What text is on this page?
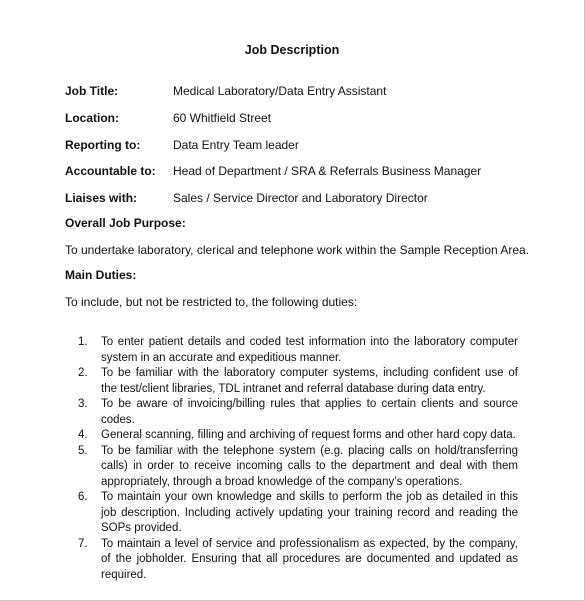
Job Description
Job Title:	Medical Laboratory/Data Entry Assistant
Location:	60 Whitfield Street
Reporting to:	Data Entry Team leader
Accountable to: Head of Department / SRA & Referrals Business Manager
Liaises with:	Sales / Service Director and Laboratory Director
Overall Job Purpose:
To undertake laboratory, clerical and telephone work within the Sample Reception Area.
Main Duties:
To include, but not be restricted to, the following duties:
1. To enter patient details and coded test information into the laboratory computer system in an accurate and expeditious manner.
2. To be familiar with the laboratory computer systems, including confident use of the test/client libraries, TDL intranet and referral database during data entry.
3. To be aware of invoicing/billing rules that applies to certain clients and source codes.
4. General scanning, filling and archiving of request forms and other hard copy data.
5. To be familiar with the telephone system (e.g. placing calls on hold/transferring calls) in order to receive incoming calls to the department and deal with them appropriately, through a broad knowledge of the company’s operations.
6. To maintain your own knowledge and skills to perform the job as detailed in this job description. Including actively updating your training record and reading the SOPs provided.
7. To maintain a level of service and professionalism as expected, by the company, of the jobholder. Ensuring that all procedures are documented and updated as required.
